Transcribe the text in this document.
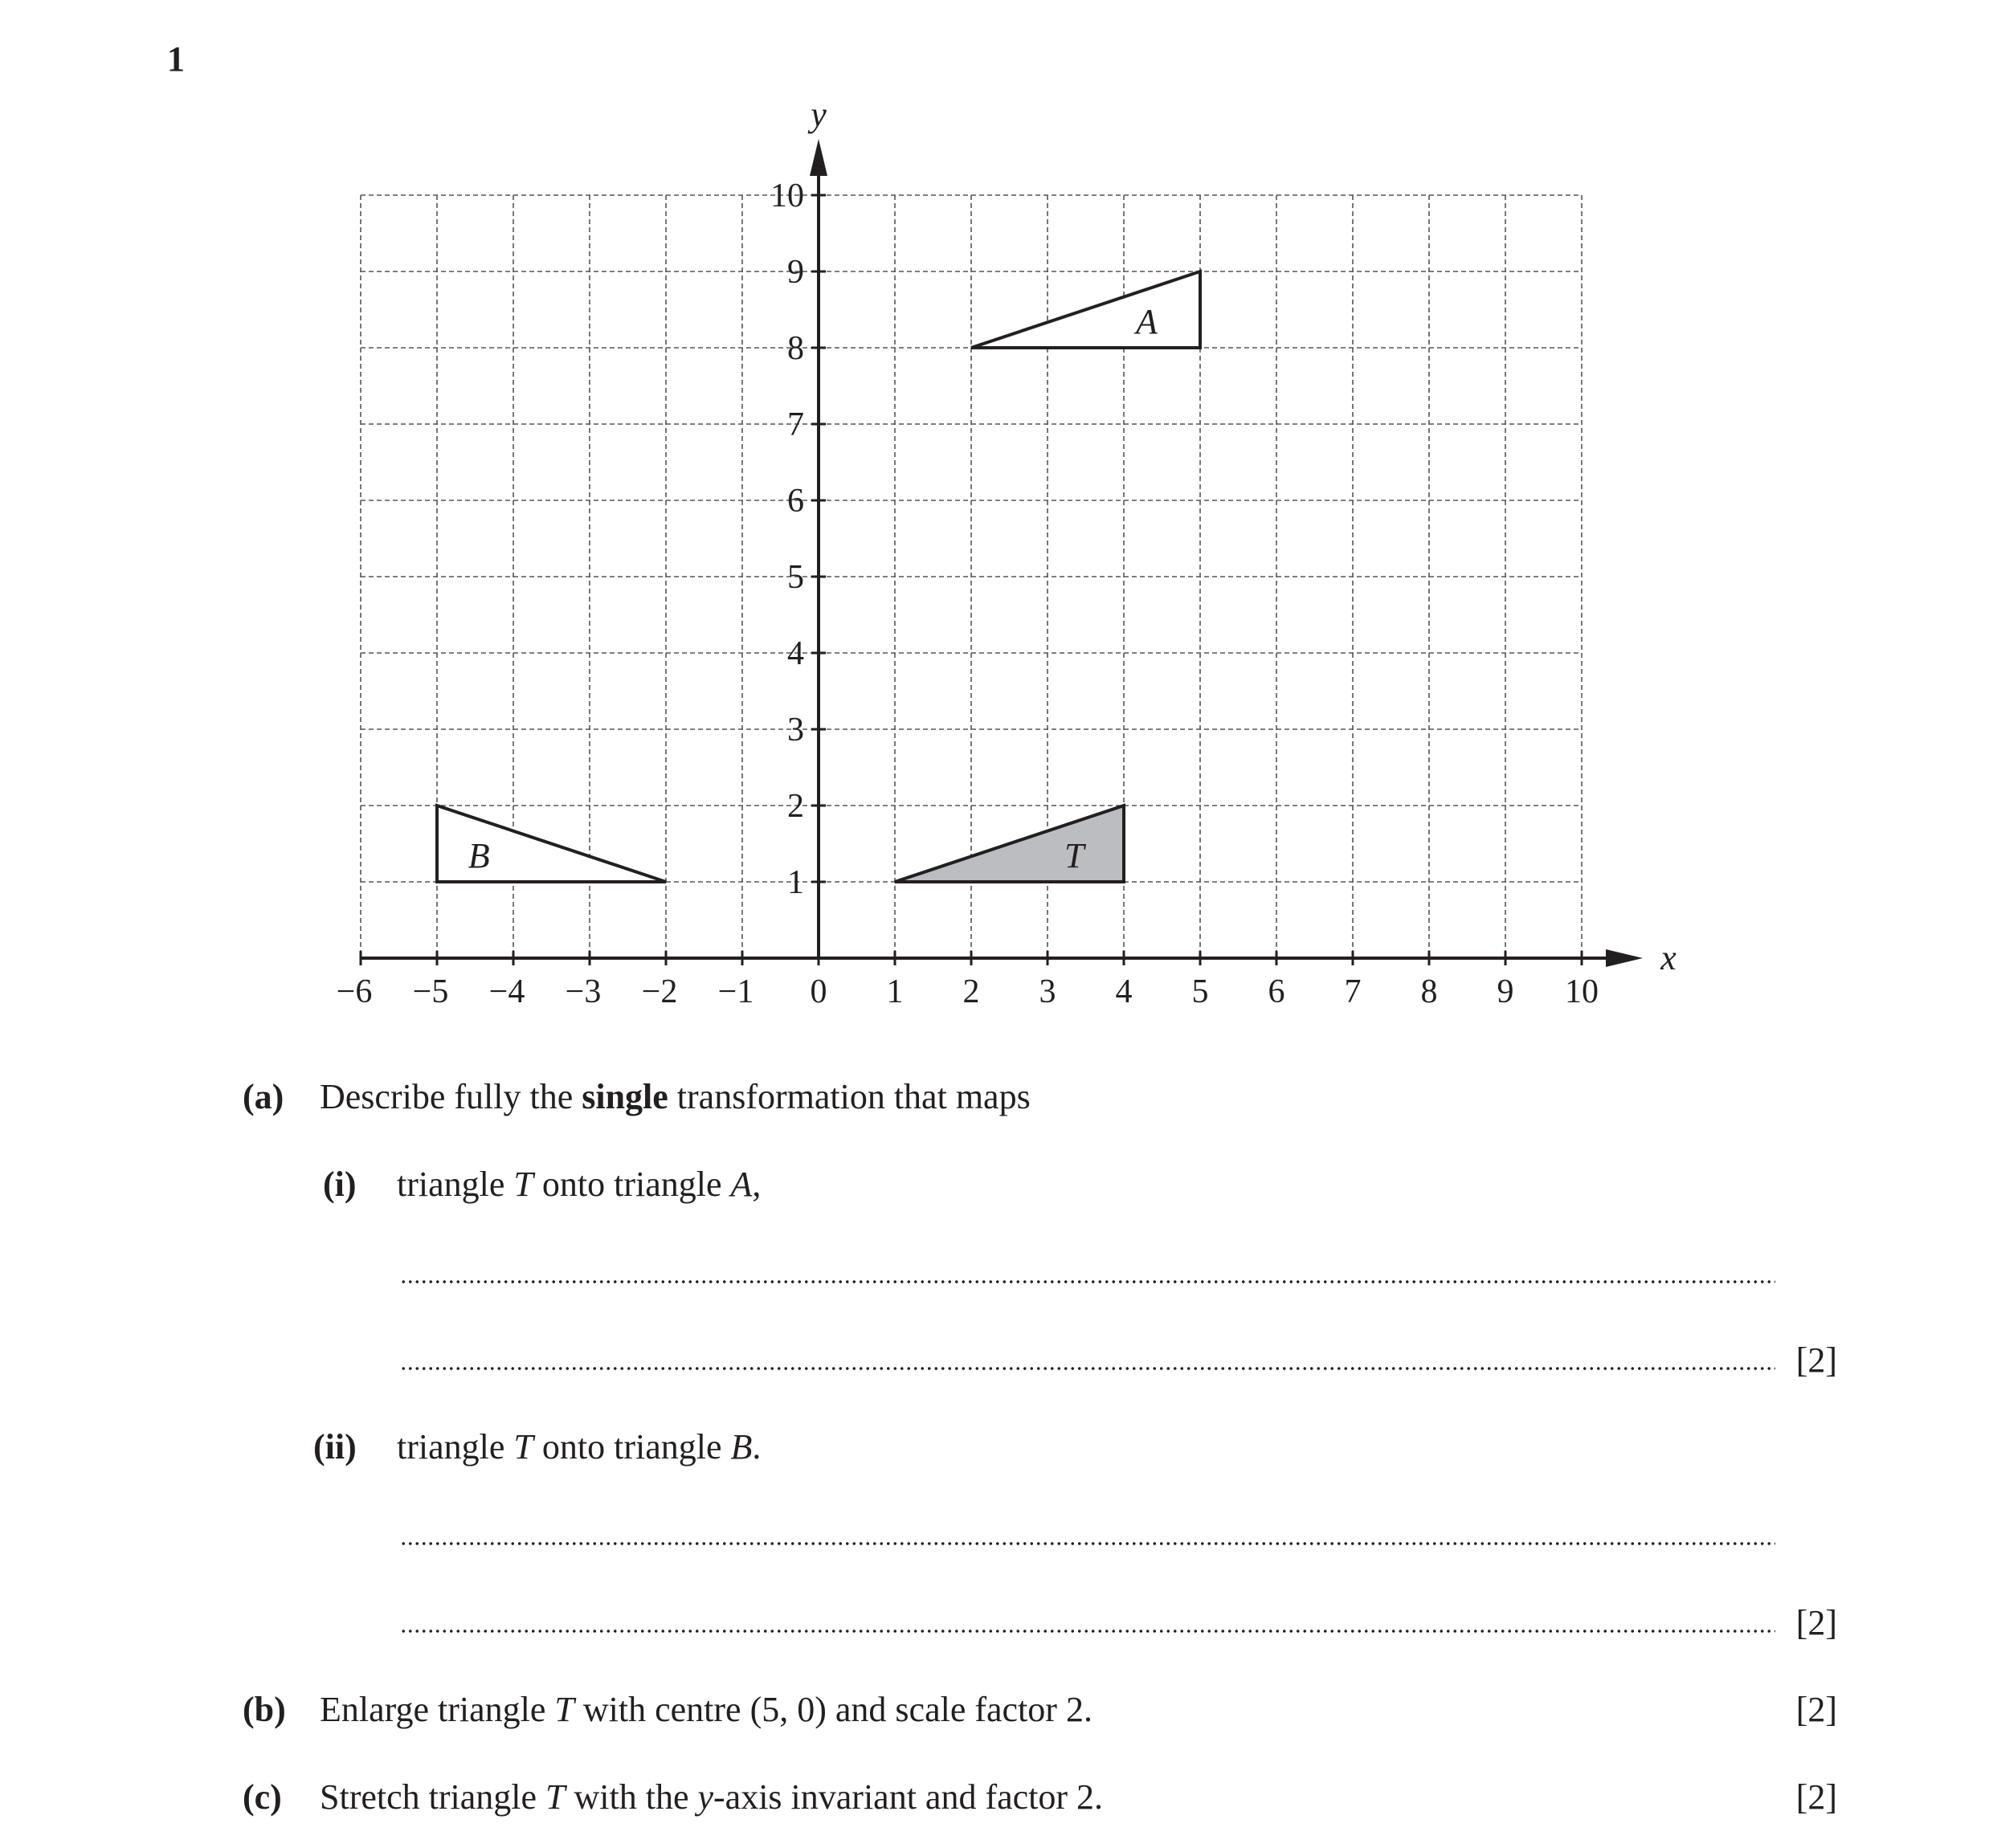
1
x
y
A
B	T
−6 −5 −4 −3 −2 −1 0 1 2 3 4 5 6 7 8 9 10
1
2
3
4
5
6
7
8
9
10
(a) Describe fully the single transformation that maps
(i) triangle T onto triangle A,
[2]
(ii) triangle T onto triangle B.
[2]
(b) Enlarge triangle T with centre (5, 0) and scale factor 2.	[2]
(c) Stretch triangle T with the y-axis invariant and factor 2.	[2]
